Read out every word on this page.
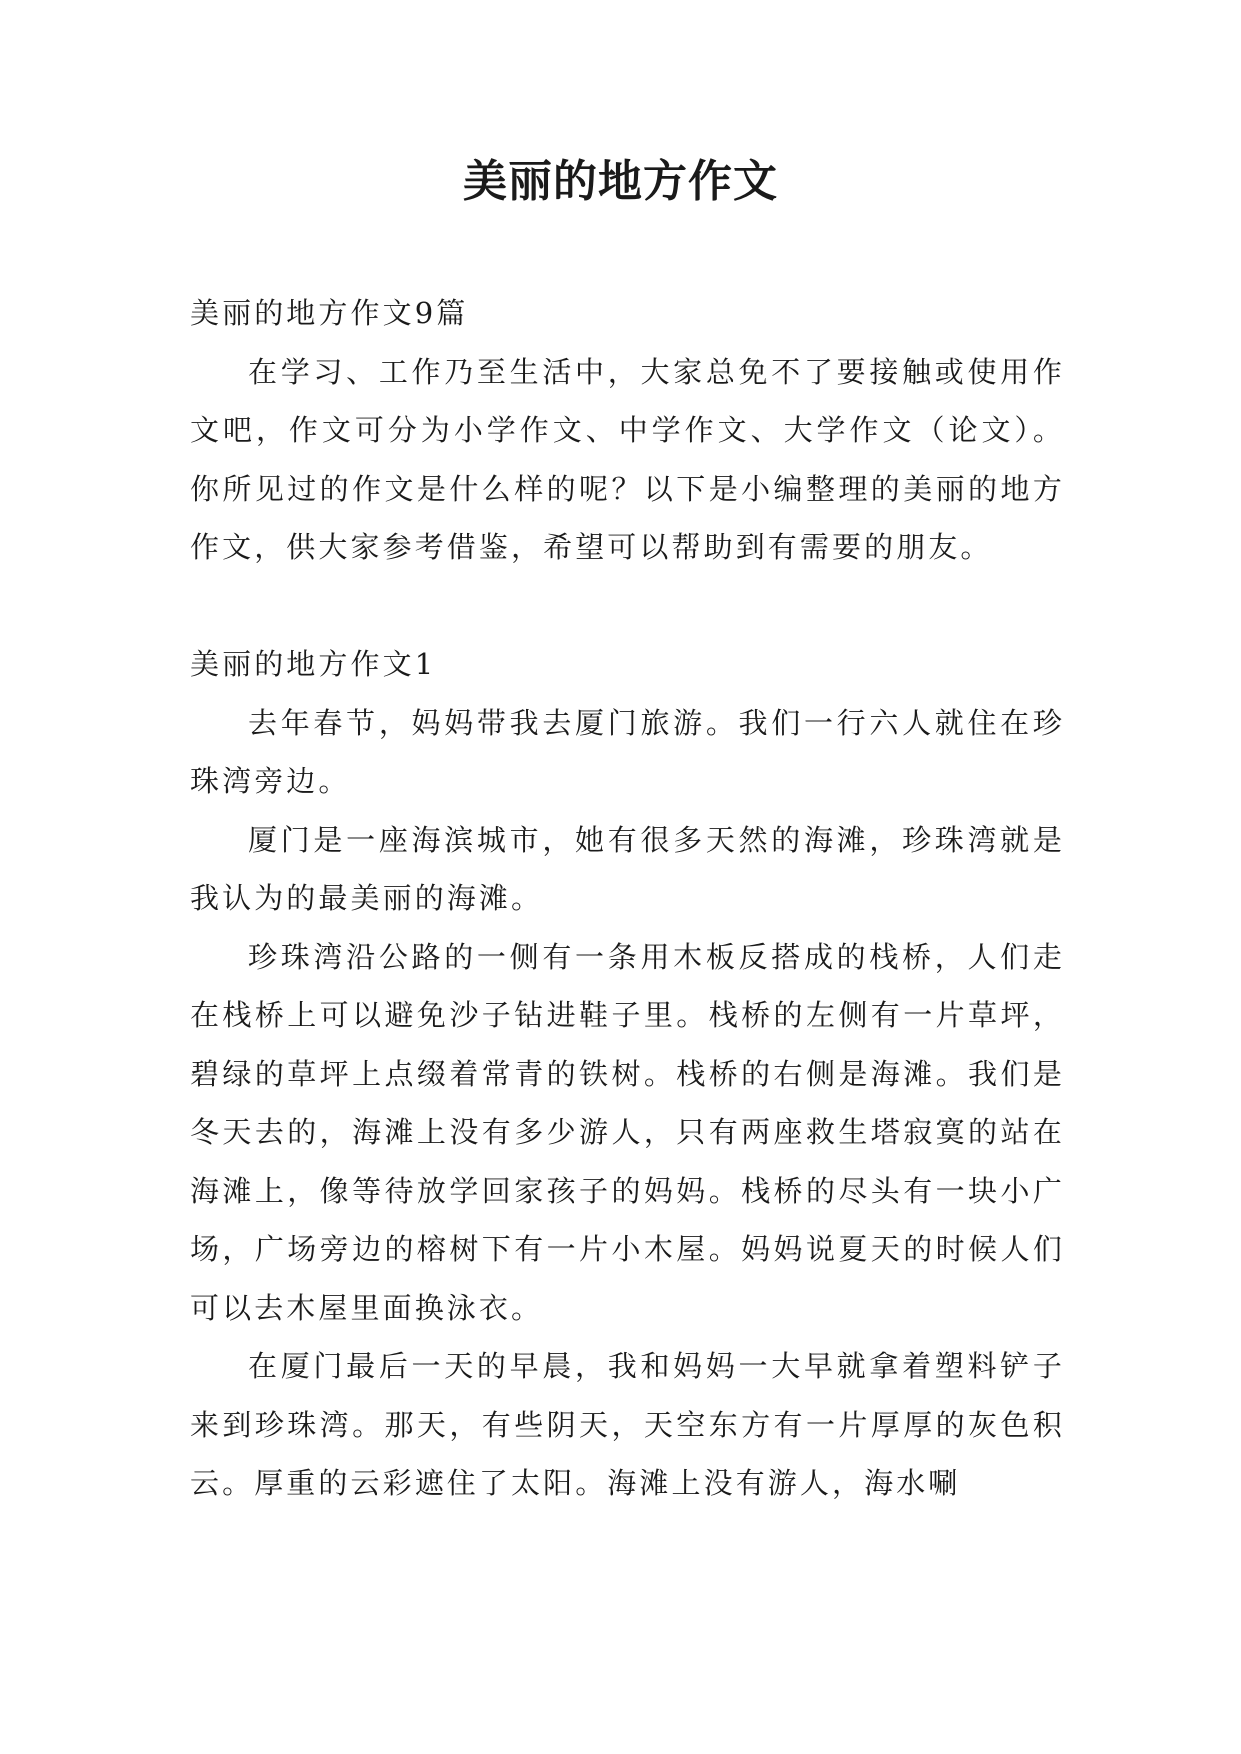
美丽的地方作文

美丽的地方作文9篇

在学习、工作乃至生活中，大家总免不了要接触或使用作文吧，作文可分为小学作文、中学作文、大学作文（论文）。你所见过的作文是什么样的呢？以下是小编整理的美丽的地方作文，供大家参考借鉴，希望可以帮助到有需要的朋友。

美丽的地方作文1

去年春节，妈妈带我去厦门旅游。我们一行六人就住在珍珠湾旁边。

厦门是一座海滨城市，她有很多天然的海滩，珍珠湾就是我认为的最美丽的海滩。

珍珠湾沿公路的一侧有一条用木板反搭成的栈桥，人们走在栈桥上可以避免沙子钻进鞋子里。栈桥的左侧有一片草坪，碧绿的草坪上点缀着常青的铁树。栈桥的右侧是海滩。我们是冬天去的，海滩上没有多少游人，只有两座救生塔寂寞的站在海滩上，像等待放学回家孩子的妈妈。栈桥的尽头有一块小广场，广场旁边的榕树下有一片小木屋。妈妈说夏天的时候人们可以去木屋里面换泳衣。

在厦门最后一天的早晨，我和妈妈一大早就拿着塑料铲子来到珍珠湾。那天，有些阴天，天空东方有一片厚厚的灰色积云。厚重的云彩遮住了太阳。海滩上没有游人，海水唰
